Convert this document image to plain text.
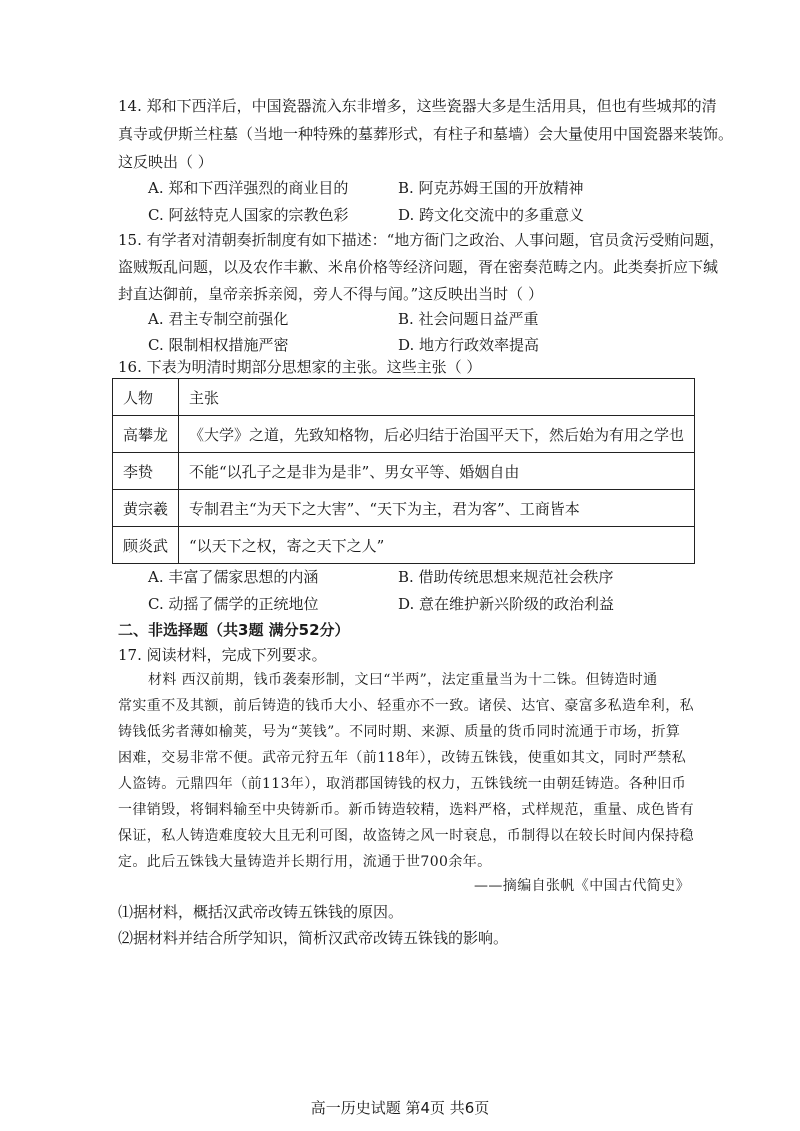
14. 郑和下西洋后，中国瓷器流入东非增多，这些瓷器大多是生活用具，但也有些城邦的清
真寺或伊斯兰柱墓（当地一种特殊的墓葬形式，有柱子和墓墙）会大量使用中国瓷器来装饰。
这反映出（ ）
A. 郑和下西洋强烈的商业目的	B. 阿克苏姆王国的开放精神
C. 阿兹特克人国家的宗教色彩	D. 跨文化交流中的多重意义
15. 有学者对清朝奏折制度有如下描述：“地方衙门之政治、人事问题，官员贪污受贿问题，
盗贼叛乱问题，以及农作丰歉、米帛价格等经济问题，胥在密奏范畴之内。此类奏折应下缄
封直达御前，皇帝亲拆亲阅，旁人不得与闻。”这反映出当时（ ）
A. 君主专制空前强化	B. 社会问题日益严重
C. 限制相权措施严密	D. 地方行政效率提高
16. 下表为明清时期部分思想家的主张。这些主张（ ）
人物	主张
高攀龙	《大学》之道，先致知格物，后必归结于治国平天下，然后始为有用之学也
李贽	不能“以孔子之是非为是非”、男女平等、婚姻自由
黄宗羲	专制君主“为天下之大害”、“天下为主，君为客”、工商皆本
顾炎武	“以天下之权，寄之天下之人”
A. 丰富了儒家思想的内涵	B. 借助传统思想来规范社会秩序
C. 动摇了儒学的正统地位	D. 意在维护新兴阶级的政治利益
二、非选择题（共3题 满分52分）
17. 阅读材料，完成下列要求。
材料 西汉前期，钱币袭秦形制，文曰“半两”，法定重量当为十二铢。但铸造时通
常实重不及其额，前后铸造的钱币大小、轻重亦不一致。诸侯、达官、豪富多私造牟利，私
铸钱低劣者薄如榆荚，号为“荚钱”。不同时期、来源、质量的货币同时流通于市场，折算
困难，交易非常不便。武帝元狩五年（前118年），改铸五铢钱，使重如其文，同时严禁私
人盗铸。元鼎四年（前113年），取消郡国铸钱的权力，五铢钱统一由朝廷铸造。各种旧币
一律销毁，将铜料输至中央铸新币。新币铸造较精，选料严格，式样规范，重量、成色皆有
保证，私人铸造难度较大且无利可图，故盗铸之风一时衰息，币制得以在较长时间内保持稳
定。此后五铢钱大量铸造并长期行用，流通于世700余年。
——摘编自张帆《中国古代简史》
⑴据材料，概括汉武帝改铸五铢钱的原因。
⑵据材料并结合所学知识，简析汉武帝改铸五铢钱的影响。
高一历史试题 第4页 共6页
